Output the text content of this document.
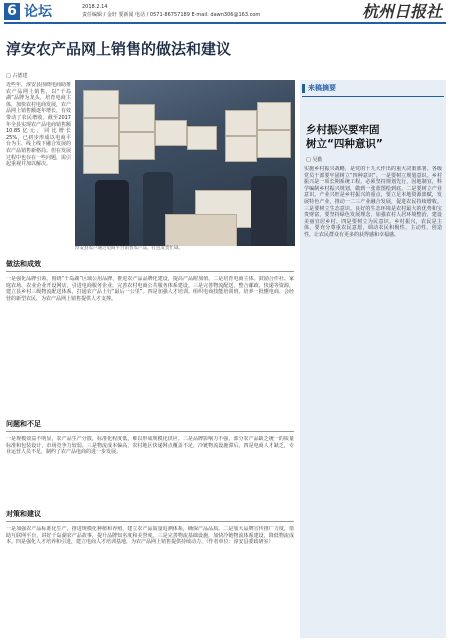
6 论坛	2018.2.14
责任编辑 / 金轩 要新闻 电话 / 0571-86757189 E-mail: dawn306@163.com	杭州日报社
淳安农产品网上销售的做法和建议
□ 占德建
近些年，淳安县围绕电商助推农产品网上销售，以“千岛湖”品牌为龙头，培育电商主体，加快农村电商发展，农产品网上销售额逐年增长，有效带动了农民增收。截至2017年全县实现农产品电商销售额10.85亿元，同比增长25%，已初步形成以电商平台为主、线上线下融合发展的农产品销售新格局。但在发展过程中也存在一些问题，需引起重视并加以解决。
淳安县农户通过电商平台销售农产品，打包发货忙碌。
做法和成效
一是强化品牌引领。围绕“千岛湖”区域公用品牌，推进农产品品牌化建设，提高产品附加值。二是培育电商主体。鼓励合作社、家庭农场、农业企业开设网店，引进电商服务企业，完善农村电商公共服务体系建设。三是完善物流配送。整合邮政、快递等资源，建立县乡村三级物流配送体系，打通农产品上行“最后一公里”。四是加强人才培训。组织电商技能培训班，培养一批懂电商、会经营的新型农民，为农产品网上销售提供人才支撑。
问题和不足
一是规模效益不明显，农产品生产分散，标准化程度低，难以形成规模化供应。二是品牌影响力不强，部分农产品缺乏统一的质量标准和包装设计，市场竞争力较弱。三是物流成本偏高，农村地区快递网点覆盖不足，冷链物流设施滞后。四是电商人才缺乏，专业运营人员不足，制约了农产品电商的进一步发展。
对策和建议
一是加强农产品标准化生产，推进规模化种植和养殖，建立农产品质量追溯体系，确保产品品质。二是加大品牌宣传推广力度，借助互联网平台，讲好千岛湖农产品故事，提升品牌知名度和美誉度。三是完善物流基础设施，加快冷链物流体系建设，降低物流成本。四是强化人才培养和引进，建立电商人才培训基地，为农产品网上销售提供持续动力。（作者单位：淳安县委政研室）
来稿摘要
乡村振兴要牢固
树立“四种意识”
□ 吴勤
实施乡村振兴战略，是党的十九大作出的重大决策部署。各级党员干部要牢固树立“四种意识”。一是要树立规划意识。乡村振兴是一项长期系统工程，必须坚持规划先行，因地制宜，科学编制乡村振兴规划，做到一张蓝图绘到底。二是要树立产业意识。产业兴旺是乡村振兴的重点，要立足本地资源禀赋，发展特色产业，推动一二三产业融合发展，促进农民持续增收。三是要树立生态意识。良好的生态环境是农村最大的优势和宝贵财富，要坚持绿色发展理念，加强农村人居环境整治，建设美丽宜居乡村。四是要树立为民意识。乡村振兴，农民是主体，要充分尊重农民意愿，调动农民积极性、主动性、创造性，让农民群众有更多的获得感和幸福感。
